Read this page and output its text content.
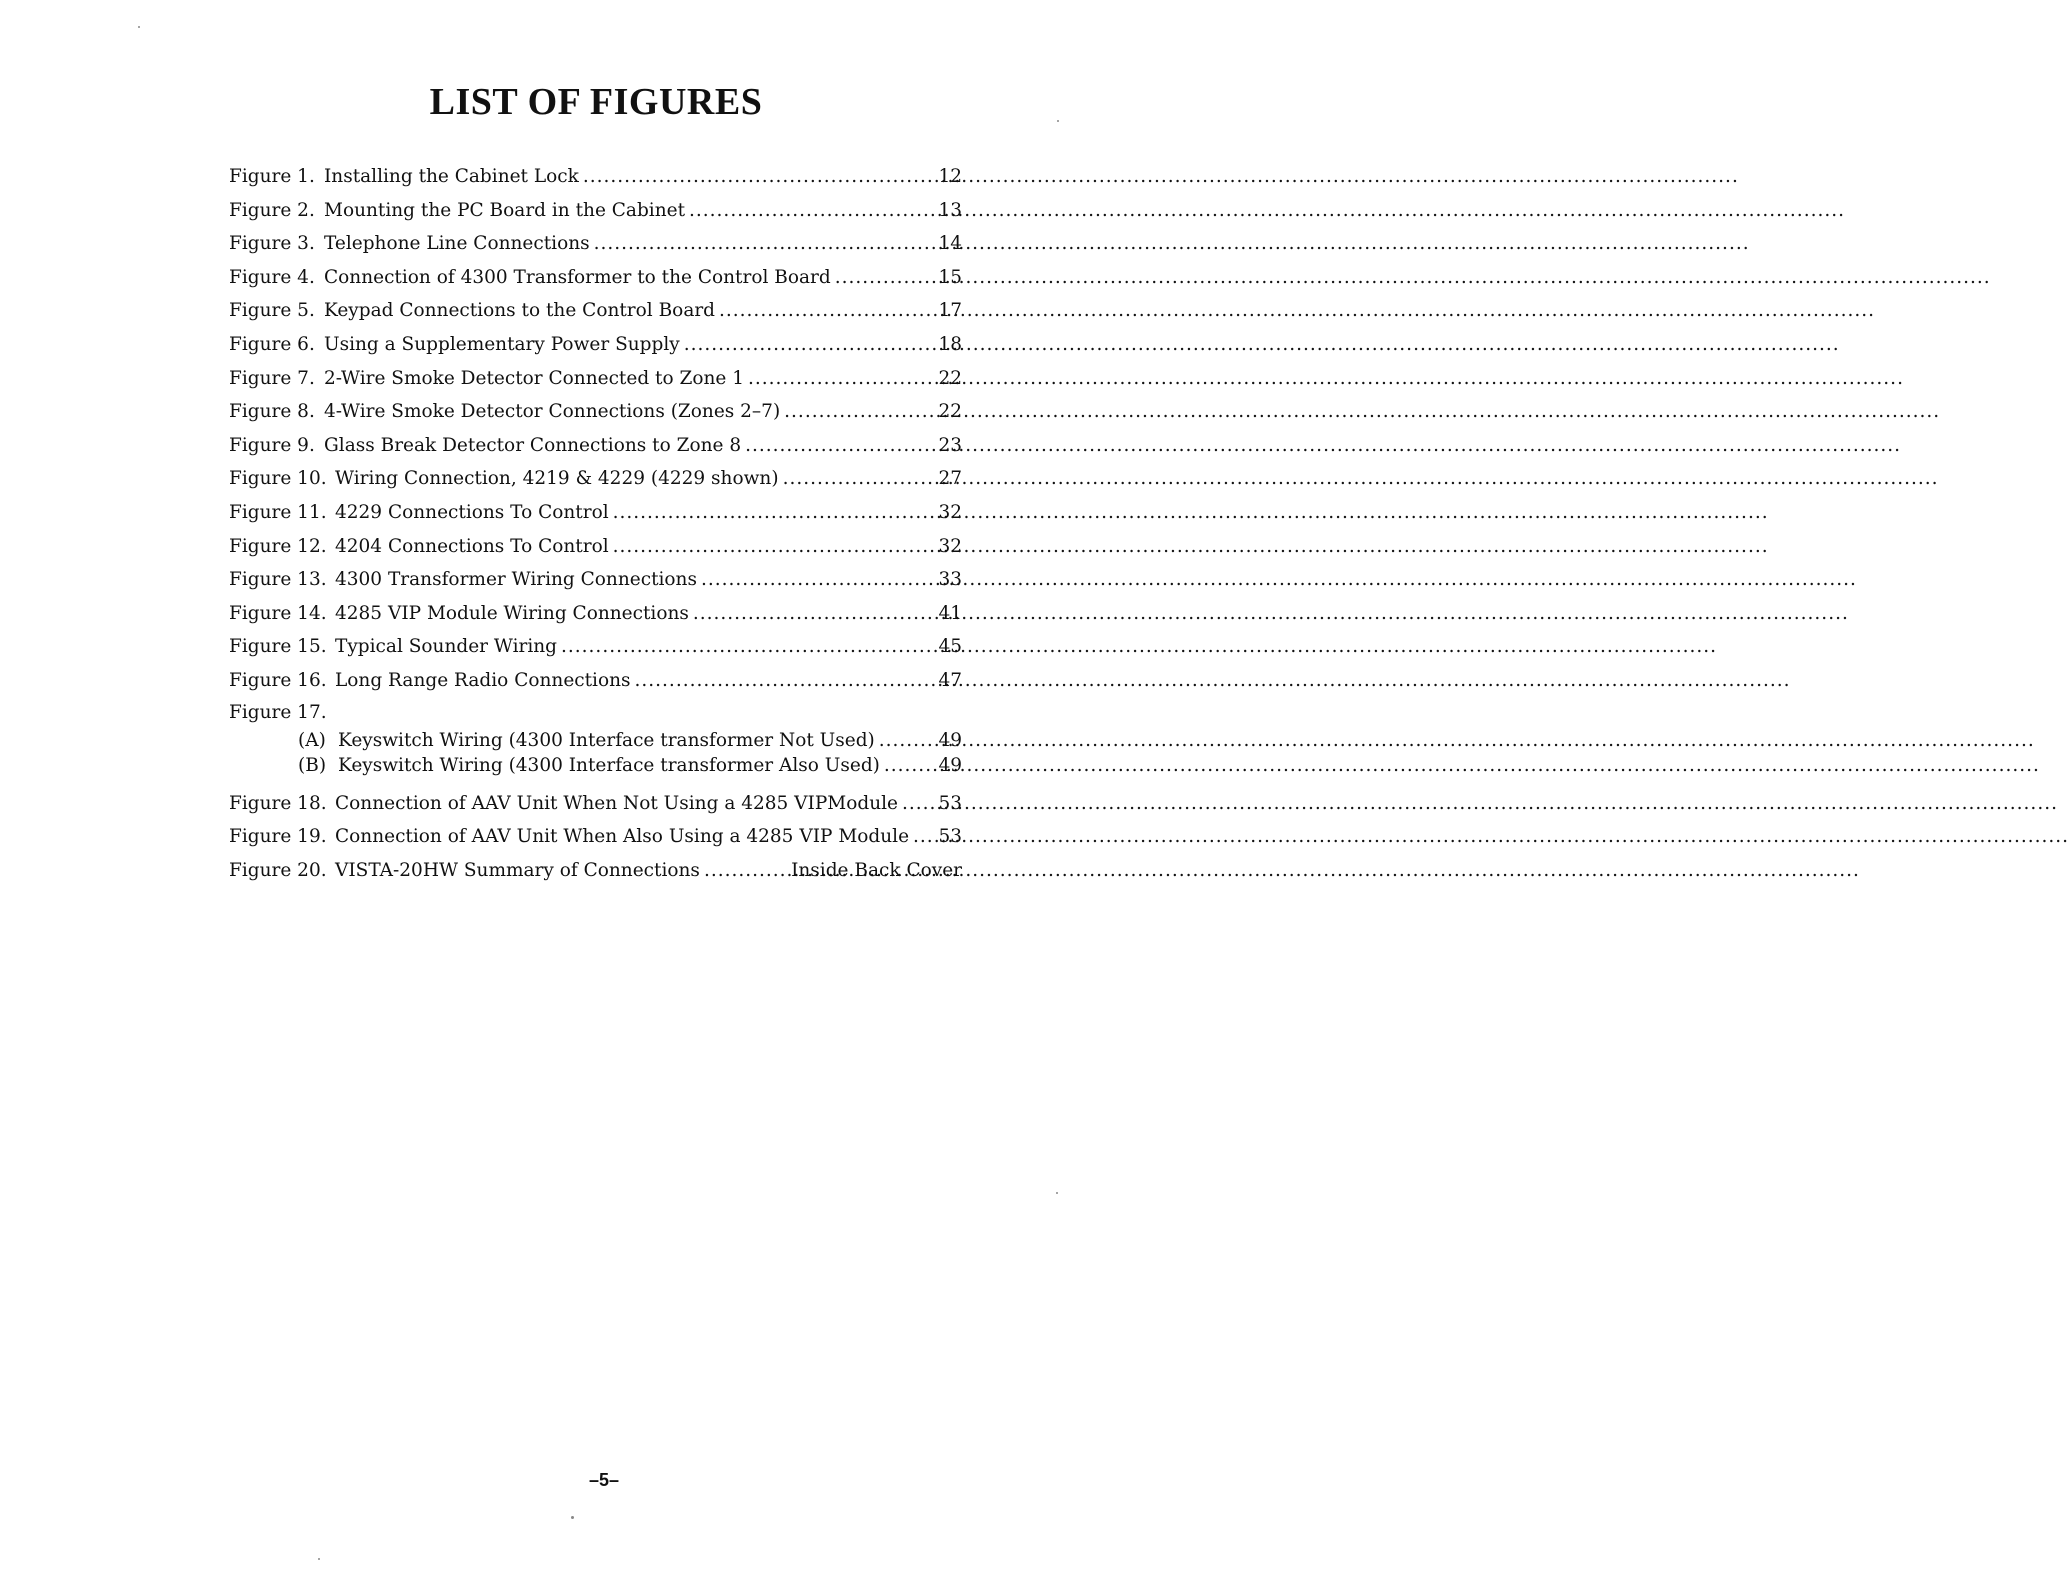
LIST OF FIGURES
Figure 1. Installing the Cabinet Lock .....	12
Figure 2. Mounting the PC Board in the Cabinet .....	13
Figure 3. Telephone Line Connections .....	14
Figure 4. Connection of 4300 Transformer to the Control Board .....	15
Figure 5. Keypad Connections to the Control Board .....	17
Figure 6. Using a Supplementary Power Supply .....	18
Figure 7. 2-Wire Smoke Detector Connected to Zone 1 .....	22
Figure 8. 4-Wire Smoke Detector Connections (Zones 2–7) .....	22
Figure 9. Glass Break Detector Connections to Zone 8 .....	23
Figure 10. Wiring Connection, 4219 & 4229 (4229 shown) .....	27
Figure 11. 4229 Connections To Control .....	32
Figure 12. 4204 Connections To Control .....	32
Figure 13. 4300 Transformer Wiring Connections .....	33
Figure 14. 4285 VIP Module Wiring Connections .....	41
Figure 15. Typical Sounder Wiring .....	45
Figure 16. Long Range Radio Connections .....	47
Figure 17.
(A) Keyswitch Wiring (4300 Interface transformer Not Used) .....	49
(B) Keyswitch Wiring (4300 Interface transformer Also Used) .....	49
Figure 18. Connection of AAV Unit When Not Using a 4285 VIPModule ..... 53
Figure 19. Connection of AAV Unit When Also Using a 4285 VIP Module ..... 53
Figure 20. VISTA-20HW Summary of Connections .....	Inside Back Cover
–5–
